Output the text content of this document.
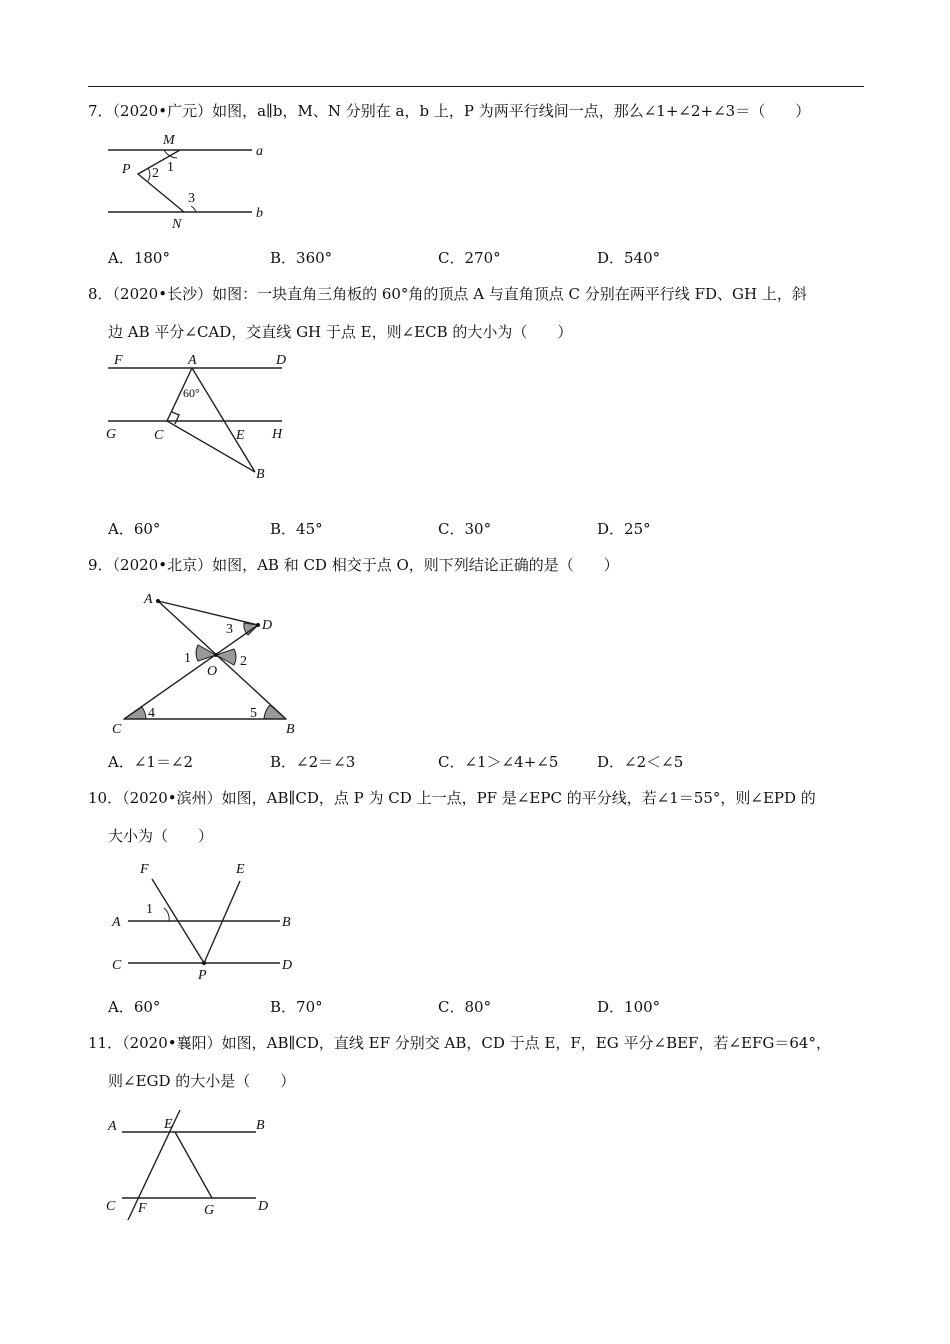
7．（2020•广元）如图，a∥b，M、N 分别在 a，b 上，P 为两平行线间一点，那么∠1+∠2+∠3＝（　　）
M
a
P 2 1
3
N
b
A．180°	B．360°	C．270°	D．540°
8．（2020•长沙）如图：一块直角三角板的 60°角的顶点 A 与直角顶点 C 分别在两平行线 FD、GH 上，斜
边 AB 平分∠CAD，交直线 GH 于点 E，则∠ECB 的大小为（　　）
F	A	D
60°
G	C	E H
B
A．60°	B．45°	C．30°	D．25°
9．（2020•北京）如图，AB 和 CD 相交于点 O，则下列结论正确的是（　　）
A
D
3
1	2
O
C
4	5
B
A．∠1＝∠2	B．∠2＝∠3	C．∠1＞∠4+∠5	D．∠2＜∠5
10．（2020•滨州）如图，AB∥CD，点 P 为 CD 上一点，PF 是∠EPC 的平分线，若∠1＝55°，则∠EPD 的
大小为（　　）
F	E
A
1
B
C
P
D
A．60°	B．70°	C．80°	D．100°
11．（2020•襄阳）如图，AB∥CD，直线 EF 分别交 AB，CD 于点 E，F，EG 平分∠BEF，若∠EFG＝64°，
则∠EGD 的大小是（　　）
A	E	B
C F	G	D
